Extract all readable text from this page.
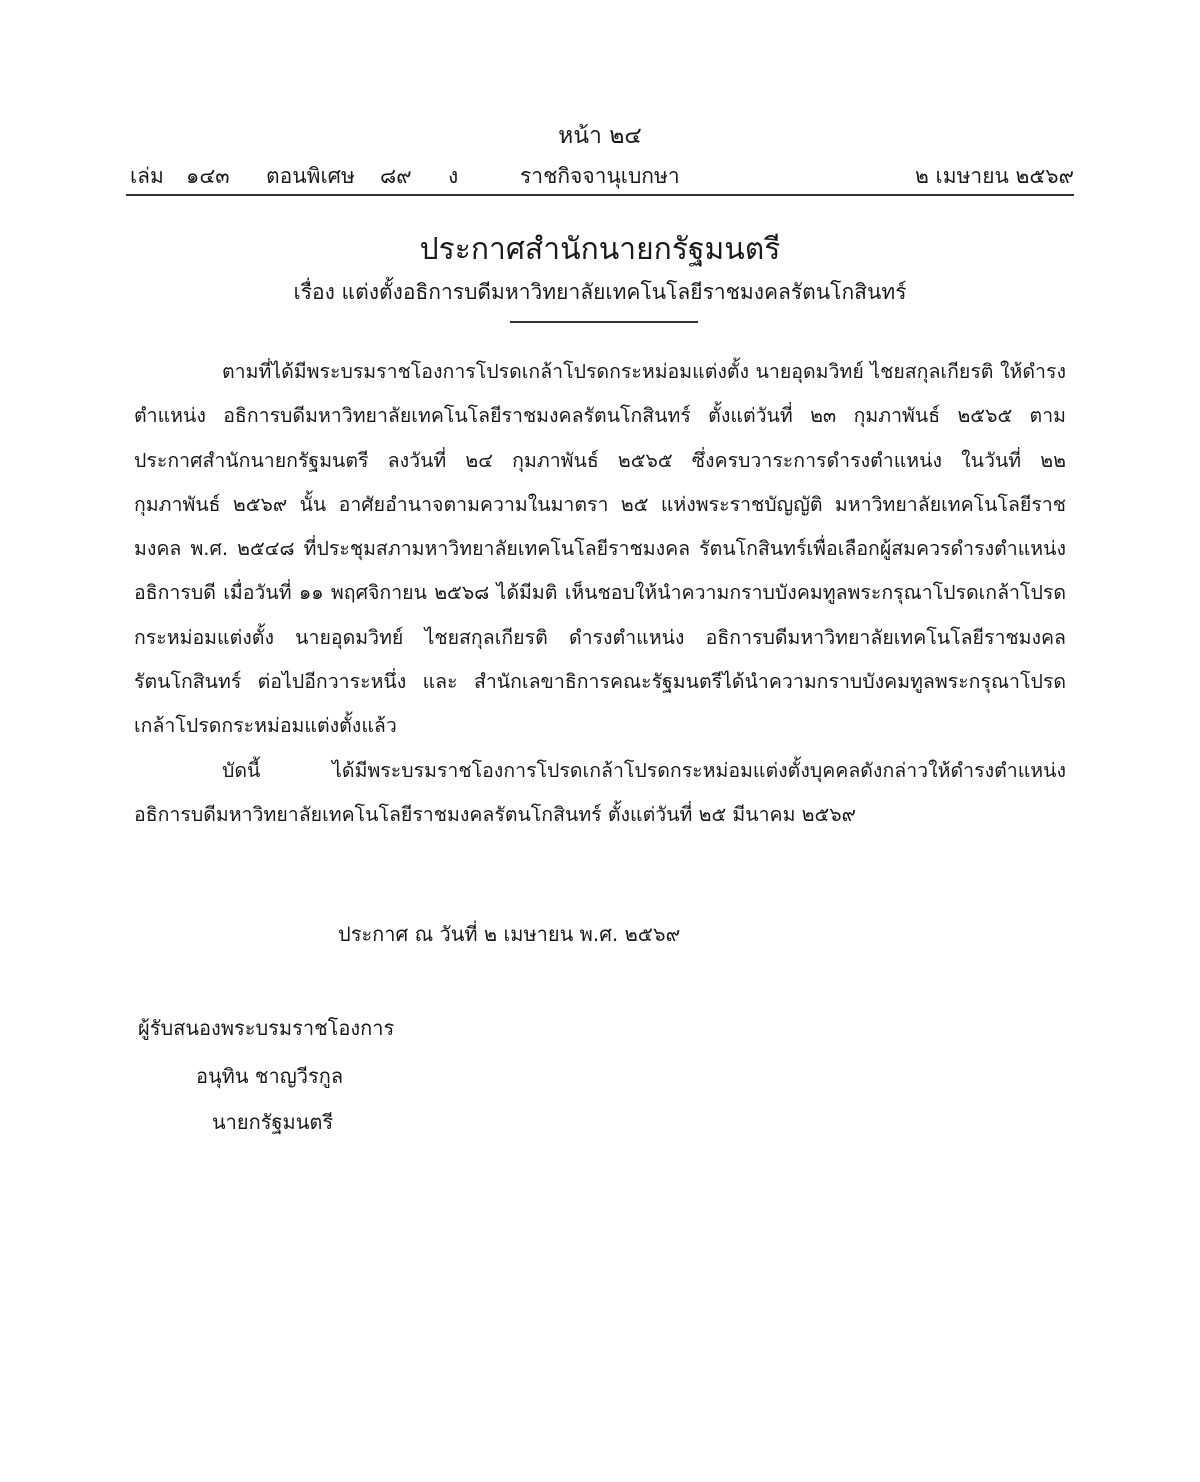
หน้า ๒๔
เล่ม ๑๔๓ ตอนพิเศษ ๘๙ ง	ราชกิจจานุเบกษา	๒ เมษายน ๒๕๖๙
ประกาศสำนักนายกรัฐมนตรี
เรื่อง แต่งตั้งอธิการบดีมหาวิทยาลัยเทคโนโลยีราชมงคลรัตนโกสินทร์

ตามที่ได้มีพระบรมราชโองการโปรดเกล้าโปรดกระหม่อมแต่งตั้ง นายอุดมวิทย์ ไชยสกุลเกียรติ ให้ดำรงตำแหน่ง อธิการบดีมหาวิทยาลัยเทคโนโลยีราชมงคลรัตนโกสินทร์ ตั้งแต่วันที่ ๒๓ กุมภาพันธ์ ๒๕๖๕ ตามประกาศสำนักนายกรัฐมนตรี ลงวันที่ ๒๔ กุมภาพันธ์ ๒๕๖๕ ซึ่งครบวาระการดำรงตำแหน่ง ในวันที่ ๒๒ กุมภาพันธ์ ๒๕๖๙ นั้น อาศัยอำนาจตามความในมาตรา ๒๕ แห่งพระราชบัญญัติ มหาวิทยาลัยเทคโนโลยีราชมงคล พ.ศ. ๒๕๔๘ ที่ประชุมสภามหาวิทยาลัยเทคโนโลยีราชมงคล รัตนโกสินทร์เพื่อเลือกผู้สมควรดำรงตำแหน่งอธิการบดี เมื่อวันที่ ๑๑ พฤศจิกายน ๒๕๖๘ ได้มีมติ เห็นชอบให้นำความกราบบังคมทูลพระกรุณาโปรดเกล้าโปรดกระหม่อมแต่งตั้ง นายอุดมวิทย์ ไชยสกุลเกียรติ ดำรงตำแหน่ง อธิการบดีมหาวิทยาลัยเทคโนโลยีราชมงคลรัตนโกสินทร์ ต่อไปอีกวาระหนึ่ง และ สำนักเลขาธิการคณะรัฐมนตรีได้นำความกราบบังคมทูลพระกรุณาโปรดเกล้าโปรดกระหม่อมแต่งตั้งแล้ว

บัดนี้ ได้มีพระบรมราชโองการโปรดเกล้าโปรดกระหม่อมแต่งตั้งบุคคลดังกล่าวให้ดำรงตำแหน่ง อธิการบดีมหาวิทยาลัยเทคโนโลยีราชมงคลรัตนโกสินทร์ ตั้งแต่วันที่ ๒๕ มีนาคม ๒๕๖๙

ประกาศ ณ วันที่ ๒ เมษายน พ.ศ. ๒๕๖๙
ผู้รับสนองพระบรมราชโองการ
อนุทิน ชาญวีรกูล
นายกรัฐมนตรี
